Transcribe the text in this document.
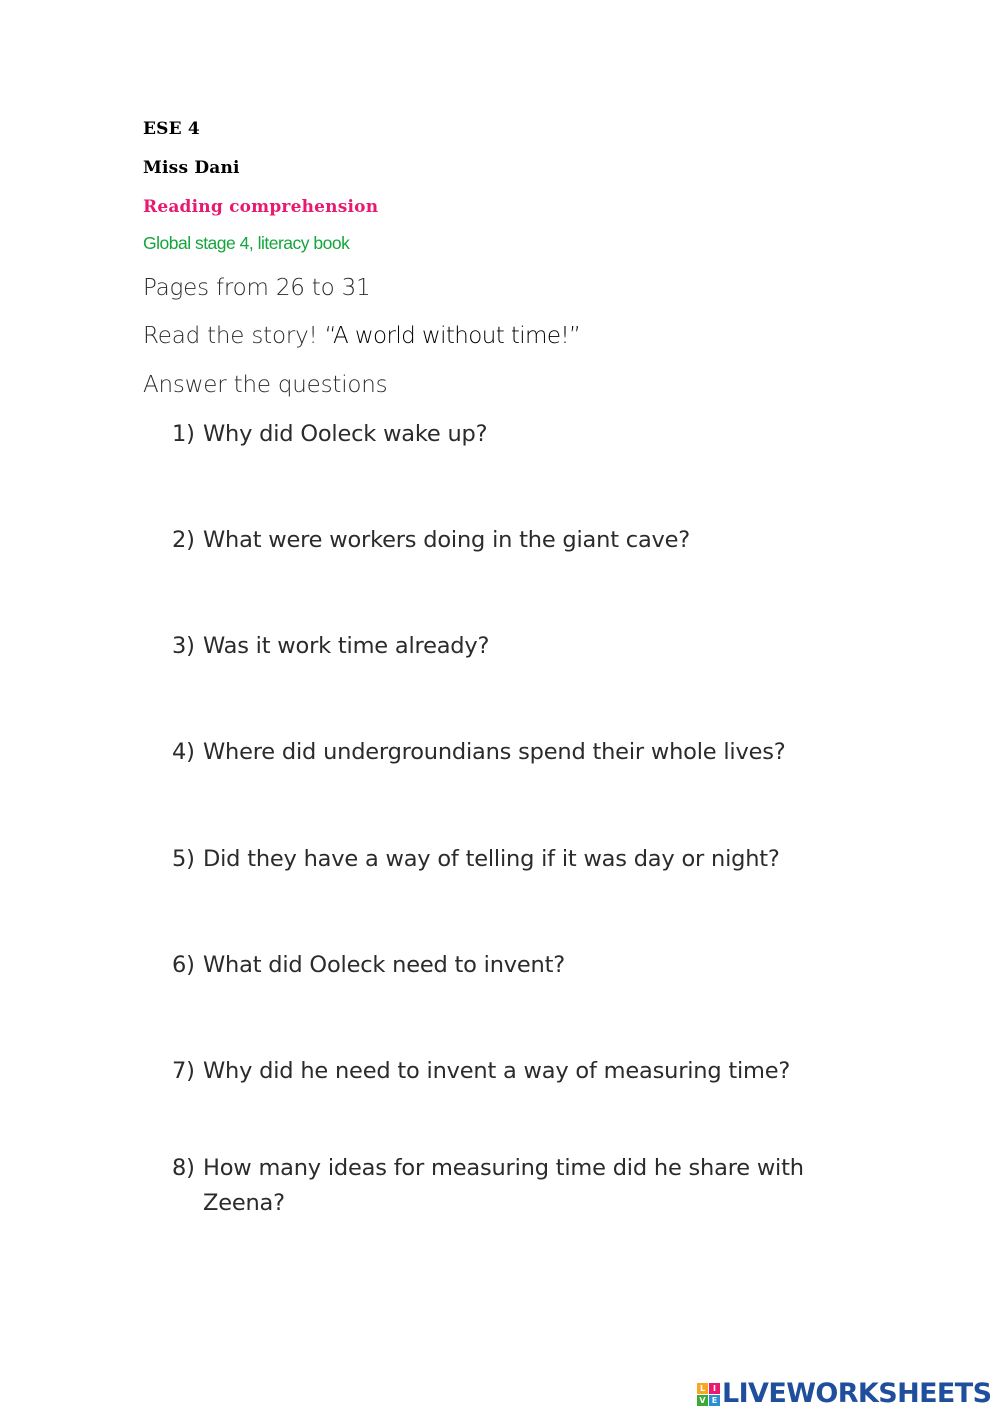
ESE 4
Miss Dani
Reading comprehension
Global stage 4, literacy book
Pages from 26 to 31
Read the story! “A world without time!”
Answer the questions
1) Why did Ooleck wake up?
2) What were workers doing in the giant cave?
3) Was it work time already?
4) Where did undergroundians spend their whole lives?
5) Did they have a way of telling if it was day or night?
6) What did Ooleck need to invent?
7) Why did he need to invent a way of measuring time?
8) How many ideas for measuring time did he share with Zeena?
L I
V E LIVEWORKSHEETS
